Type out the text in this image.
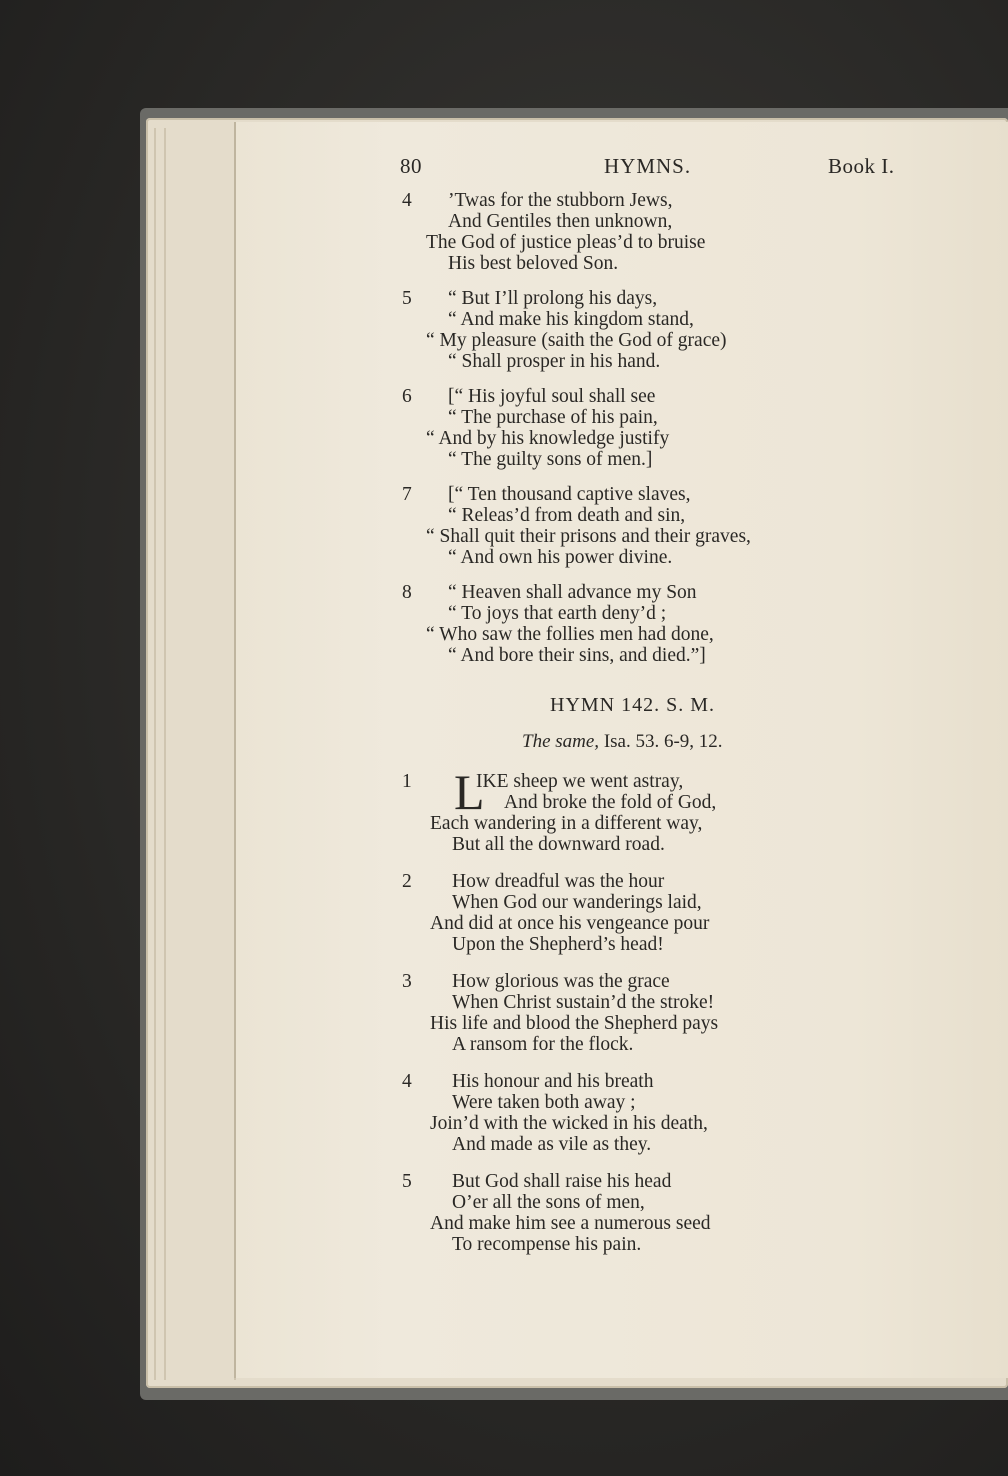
80	HYMNS.	Book I.
4	’Twas for the stubborn Jews,
And Gentiles then unknown,
The God of justice pleas’d to bruise
His best beloved Son.
5	“ But I’ll prolong his days,
“ And make his kingdom stand,
“ My pleasure (saith the God of grace)
“ Shall prosper in his hand.
6	[“ His joyful soul shall see
“ The purchase of his pain,
“ And by his knowledge justify
“ The guilty sons of men.]
7	[“ Ten thousand captive slaves,
“ Releas’d from death and sin,
“ Shall quit their prisons and their graves,
“ And own his power divine.
8	“ Heaven shall advance my Son
“ To joys that earth deny’d ;
“ Who saw the follies men had done,
“ And bore their sins, and died.”]
HYMN 142. S. M.
The same, Isa. 53. 6-9, 12.
1 L
IKE sheep we went astray,
And broke the fold of God,
Each wandering in a different way,
But all the downward road.
2	How dreadful was the hour
When God our wanderings laid,
And did at once his vengeance pour
Upon the Shepherd’s head!
3	How glorious was the grace
When Christ sustain’d the stroke!
His life and blood the Shepherd pays
A ransom for the flock.
4	His honour and his breath
Were taken both away ;
Join’d with the wicked in his death,
And made as vile as they.
5	But God shall raise his head
O’er all the sons of men,
And make him see a numerous seed
To recompense his pain.
